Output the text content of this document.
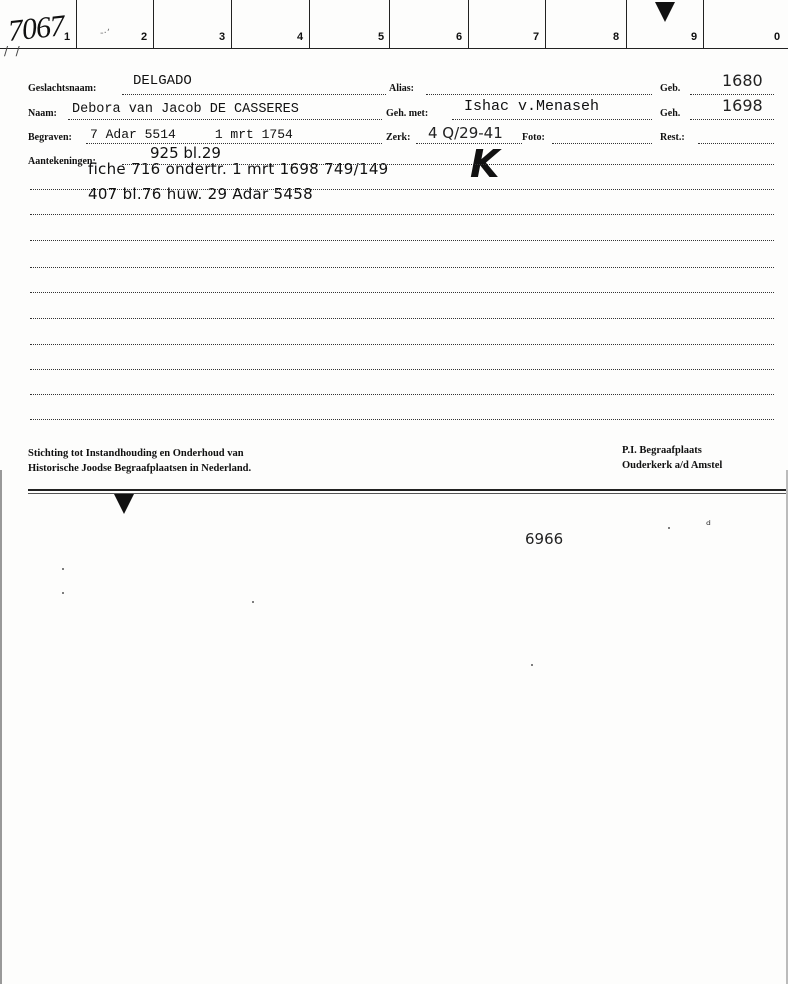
1	2	3	4	5	6	7	8	9	0
-·ʼ
7067
/  /
Geslachtsnaam:	DELGADO	Alias:	Geb.	1680
Naam: Debora van Jacob DE CASSERES	Geh. met: Ishac v.Menaseh	Geh.	1698
Begraven: 7 Adar 5514     1 mrt 1754	Zerk: 4 Q/29-41 Foto:	Rest.:
Aantekeningen:	925 bl.29
fiche 716 ondertr. 1 mrt 1698 749/149 K
407 bl.76 huw. 29 Adar 5458
Stichting tot Instandhouding en Onderhoud van
Historische Joodse Begraafplaatsen in Nederland.
P.I. Begraafplaats
Ouderkerk a/d Amstel
6966
ᵈ
